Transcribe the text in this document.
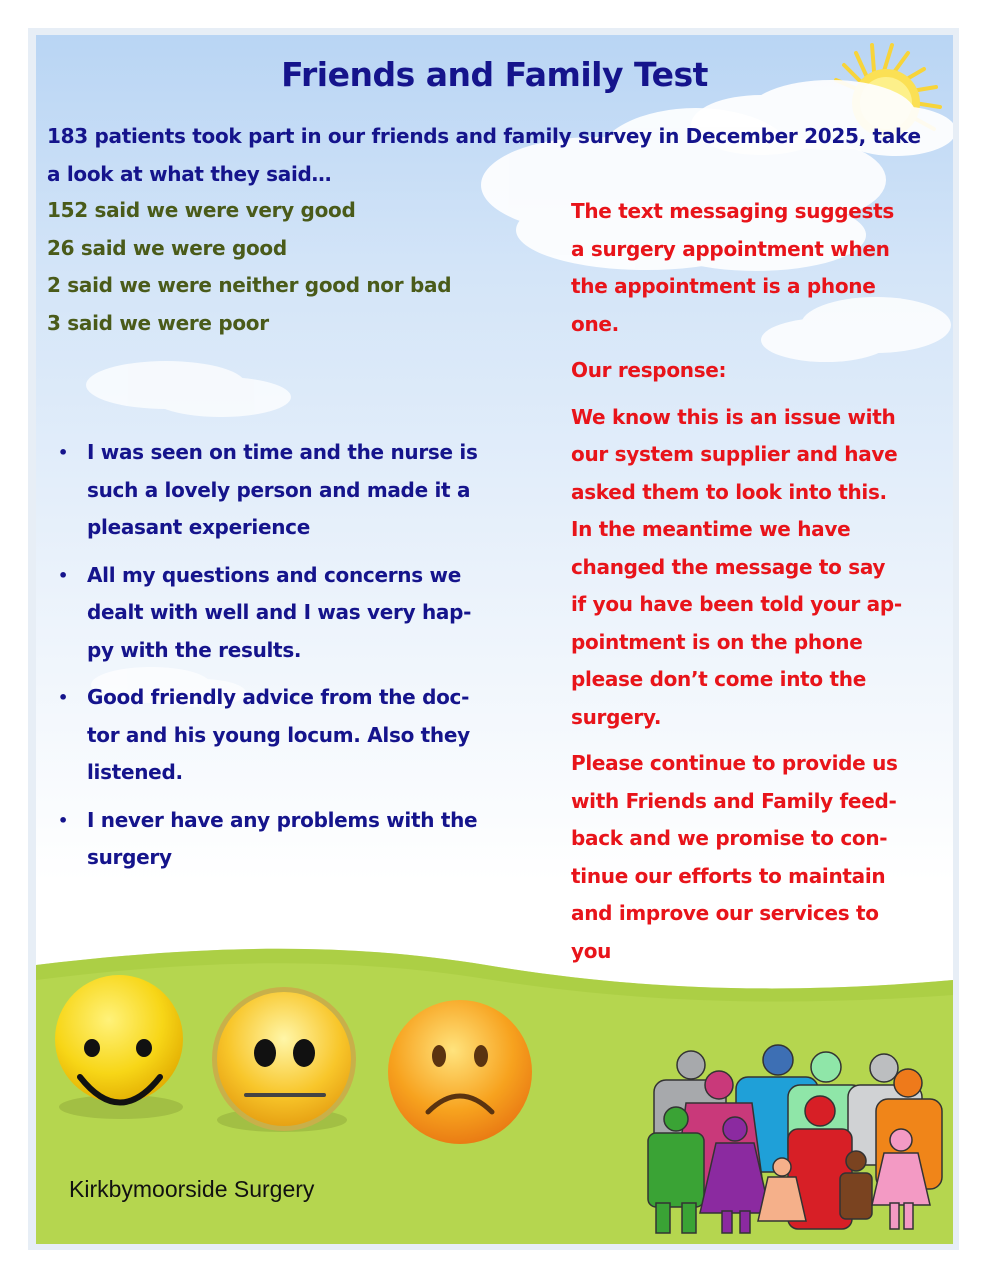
Friends and Family Test
183 patients took part in our friends and family survey in December 2025, take a look at what they said…
152 said we were very good
26 said we were good
2 said we were neither good nor bad
3 said we were poor
• I was seen on time and the nurse is such a lovely person and made it a pleasant experience
• All my questions and concerns we dealt with well and I was very hap-py with the results.
• Good friendly advice from the doc-tor and his young locum. Also they listened.
• I never have any problems with the surgery

The text messaging suggests a surgery appointment when the appointment is a phone one.

Our response:

We know this is an issue with our system supplier and have asked them to look into this. In the meantime we have changed the message to say if you have been told your ap-pointment is on the phone please don’t come into the surgery.

Please continue to provide us with Friends and Family feed-back and we promise to con-tinue our efforts to maintain and improve our services to you

Kirkbymoorside Surgery
